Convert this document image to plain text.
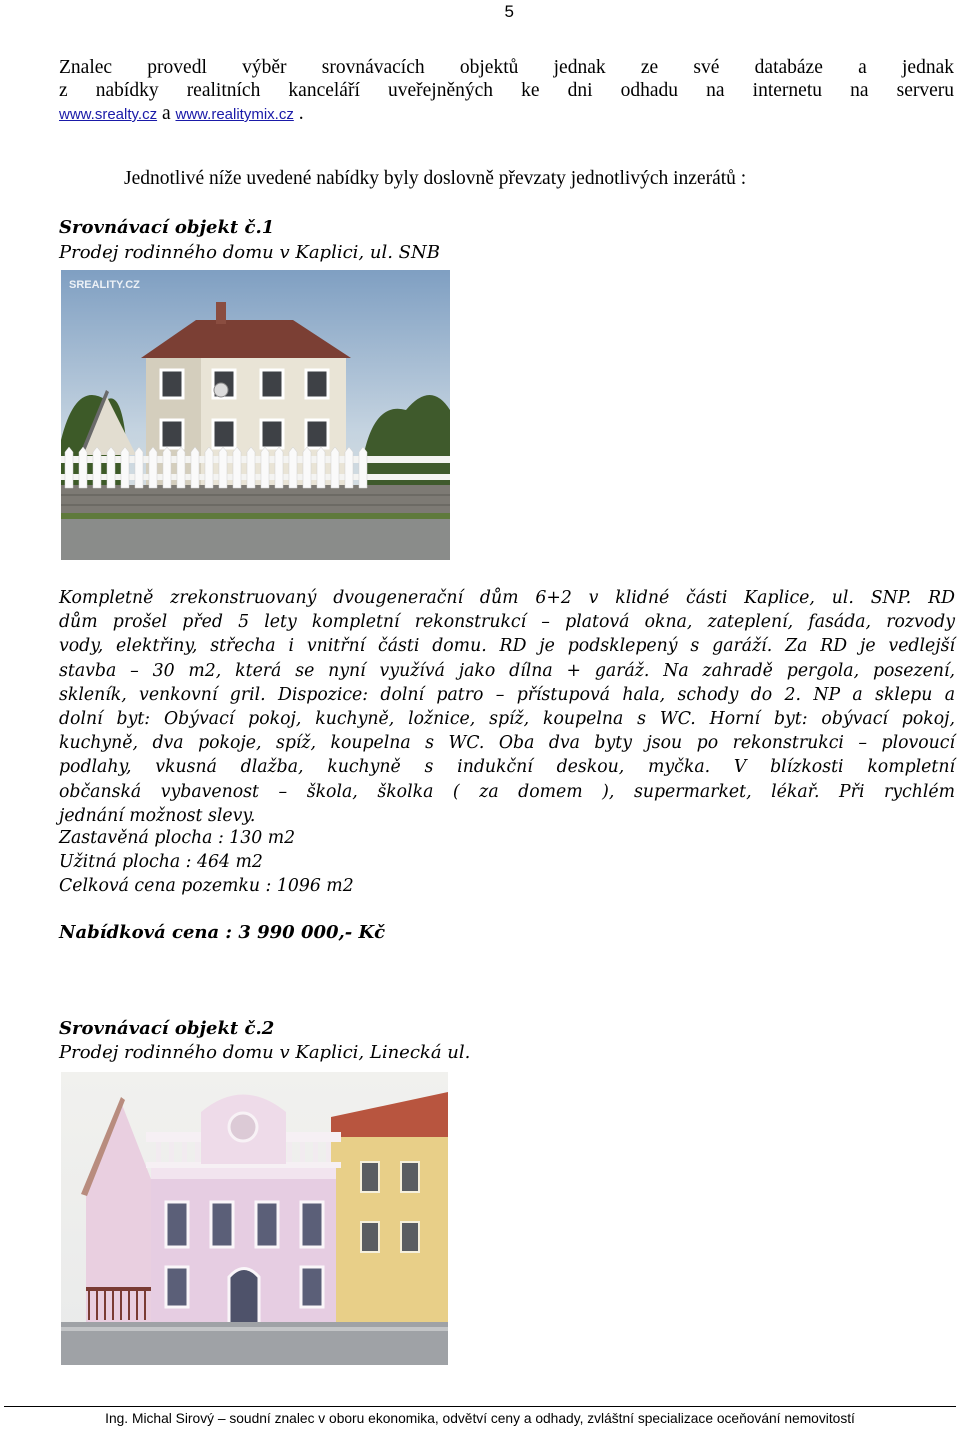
5
Znalec provedl výběr srovnávacích objektů jednak ze své databáze a jednak
z nabídky realitních kanceláří uveřejněných ke dni odhadu na internetu na serveru
www.srealty.cz a www.realitymix.cz .
Jednotlivé níže uvedené nabídky byly doslovně převzaty jednotlivých inzerátů :
Srovnávací objekt č.1
Prodej rodinného domu v Kaplici, ul. SNB
SREALITY.CZ
Kompletně zrekonstruovaný dvougenerační dům 6+2 v klidné části Kaplice, ul. SNP. RD
dům prošel před 5 lety kompletní rekonstrukcí – platová okna, zateplení, fasáda, rozvody
vody, elektřiny, střecha i vnitřní části domu. RD je podsklepený s garáží. Za RD je vedlejší
stavba – 30 m2, která se nyní využívá jako dílna + garáž. Na zahradě pergola, posezení,
skleník, venkovní gril. Dispozice: dolní patro – přístupová hala, schody do 2. NP a sklepu a
dolní byt: Obývací pokoj, kuchyně, ložnice, spíž, koupelna s WC. Horní byt: obývací pokoj,
kuchyně, dva pokoje, spíž, koupelna s WC. Oba dva byty jsou po rekonstrukci – plovoucí
podlahy, vkusná dlažba, kuchyně s indukční deskou, myčka. V blízkosti kompletní
občanská vybavenost – škola, školka ( za domem ), supermarket, lékař. Při rychlém
jednání možnost slevy.
Zastavěná plocha : 130 m2
Užitná plocha : 464 m2
Celková cena pozemku : 1096 m2
Nabídková cena : 3 990 000,- Kč
Srovnávací objekt č.2
Prodej rodinného domu v Kaplici, Linecká ul.
Ing. Michal Sirový – soudní znalec v oboru ekonomika, odvětví ceny a odhady, zvláštní specializace oceňování nemovitostí
